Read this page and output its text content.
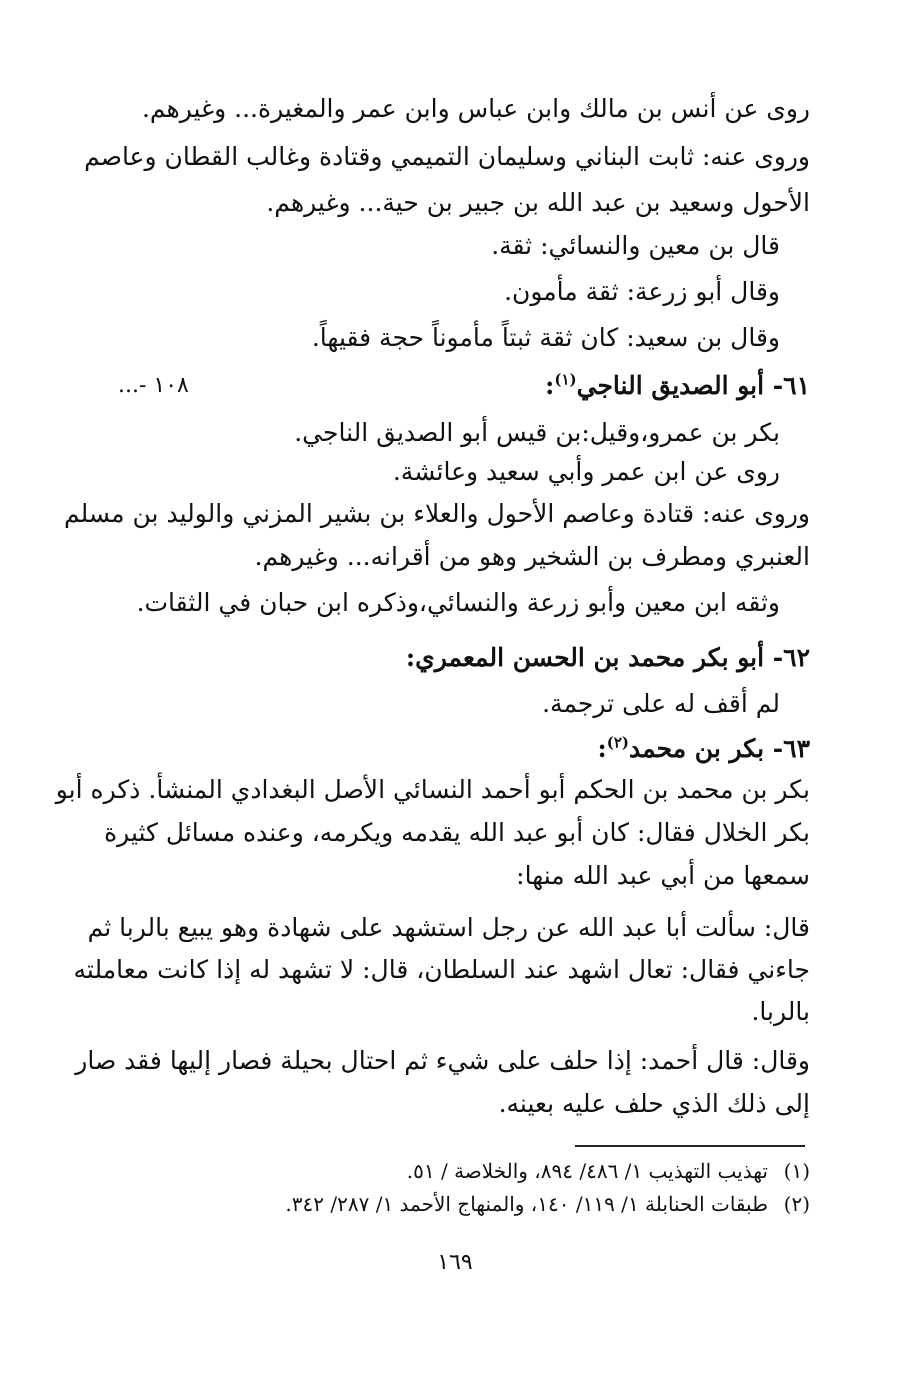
روى عن أنس بن مالك وابن عباس وابن عمر والمغيرة... وغيرهم.
وروى عنه: ثابت البناني وسليمان التميمي وقتادة وغالب القطان وعاصم
الأحول وسعيد بن عبد الله بن جبير بن حية... وغيرهم.
قال بن معين والنسائي: ثقة.
وقال أبو زرعة: ثقة مأمون.
وقال بن سعيد: كان ثقة ثبتاً مأموناً حجة فقيهاً.
٦١- أبو الصديق الناجي$^{(١)}$:
...- ١٠٨
بكر بن عمرو،وقيل:بن قيس أبو الصديق الناجي.
روى عن ابن عمر وأبي سعيد وعائشة.
وروى عنه: قتادة وعاصم الأحول والعلاء بن بشير المزني والوليد بن مسلم
العنبري ومطرف بن الشخير وهو من أقرانه... وغيرهم.
وثقه ابن معين وأبو زرعة والنسائي،وذكره ابن حبان في الثقات.
٦٢- أبو بكر محمد بن الحسن المعمري:
لم أقف له على ترجمة.
٦٣- بكر بن محمد$^{(٢)}$:
بكر بن محمد بن الحكم أبو أحمد النسائي الأصل البغدادي المنشأ. ذكره أبو
بكر الخلال فقال: كان أبو عبد الله يقدمه ويكرمه، وعنده مسائل كثيرة
سمعها من أبي عبد الله منها:
قال: سألت أبا عبد الله عن رجل استشهد على شهادة وهو يبيع بالربا ثم
جاءني فقال: تعال اشهد عند السلطان، قال: لا تشهد له إذا كانت معاملته
بالربا.
وقال: قال أحمد: إذا حلف على شيء ثم احتال بحيلة فصار إليها فقد صار
إلى ذلك الذي حلف عليه بعينه.
(١)تهذيب التهذيب ١/ ٤٨٦/ ٨٩٤، والخلاصة / ٥١.
(٢)طبقات الحنابلة ١/ ١١٩/ ١٤٠، والمنهاج الأحمد ١/ ٢٨٧/ ٣٤٢.
١٦٩
